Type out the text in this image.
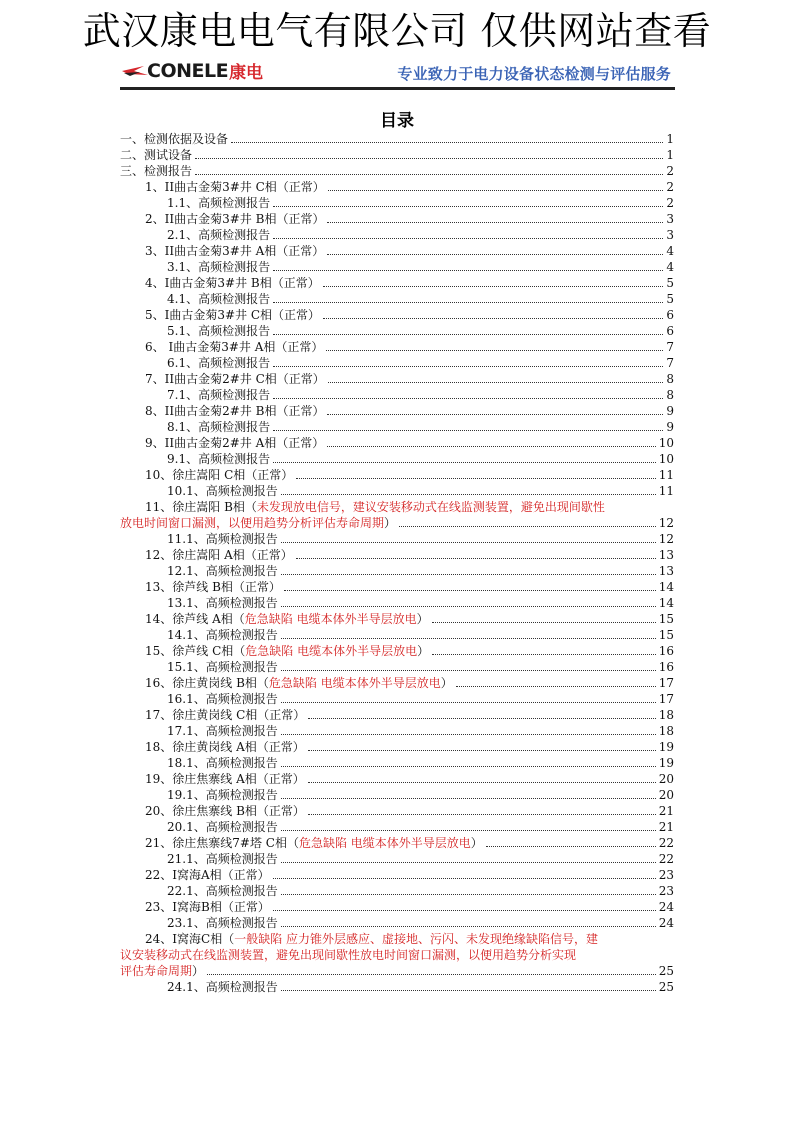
武汉康电电气有限公司 仅供网站查看
CONELE 康电	专业致力于电力设备状态检测与评估服务
目录
一、检测依据及设备	1
二、测试设备	1
三、检测报告	2
1、II曲古金菊3#井 C相（正常）	2
1.1、高频检测报告	2
2、II曲古金菊3#井 B相（正常）	3
2.1、高频检测报告	3
3、II曲古金菊3#井 A相（正常）	4
3.1、高频检测报告	4
4、I曲古金菊3#井 B相（正常）	5
4.1、高频检测报告	5
5、I曲古金菊3#井 C相（正常）	6
5.1、高频检测报告	6
6、 I曲古金菊3#井 A相（正常）	7
6.1、高频检测报告	7
7、II曲古金菊2#井 C相（正常）	8
7.1、高频检测报告	8
8、II曲古金菊2#井 B相（正常）	9
8.1、高频检测报告	9
9、II曲古金菊2#井 A相（正常）	10
9.1、高频检测报告	10
10、徐庄嵩阳 C相（正常）	11
10.1、高频检测报告	11
11、徐庄嵩阳 B相（未发现放电信号，建议安装移动式在线监测装置，避免出现间歇性
放电时间窗口漏测，以便用趋势分析评估寿命周期 ）	12
11.1、高频检测报告	12
12、徐庄嵩阳 A相（正常）	13
12.1、高频检测报告	13
13、徐芦线 B相（正常）	14
13.1、高频检测报告	14
14、徐芦线 A相（危急缺陷 电缆本体外半导层放电）	15
14.1、高频检测报告	15
15、徐芦线 C相（危急缺陷 电缆本体外半导层放电）	16
15.1、高频检测报告	16
16、徐庄黄岗线 B相（危急缺陷 电缆本体外半导层放电）	17
16.1、高频检测报告	17
17、徐庄黄岗线 C相（正常）	18
17.1、高频检测报告	18
18、徐庄黄岗线 A相（正常）	19
18.1、高频检测报告	19
19、徐庄焦寨线 A相（正常）	20
19.1、高频检测报告	20
20、徐庄焦寨线 B相（正常）	21
20.1、高频检测报告	21
21、徐庄焦寨线7#塔 C相（危急缺陷 电缆本体外半导层放电）	22
21.1、高频检测报告	22
22、I窝海A相（正常）	23
22.1、高频检测报告	23
23、I窝海B相（正常）	24
23.1、高频检测报告	24
24、I窝海C相（一般缺陷 应力锥外层感应、虚接地、污闪、未发现绝缘缺陷信号，建
议安装移动式在线监测装置，避免出现间歇性放电时间窗口漏测，以便用趋势分析实现
评估寿命周期 ）	25
24.1、高频检测报告	25
